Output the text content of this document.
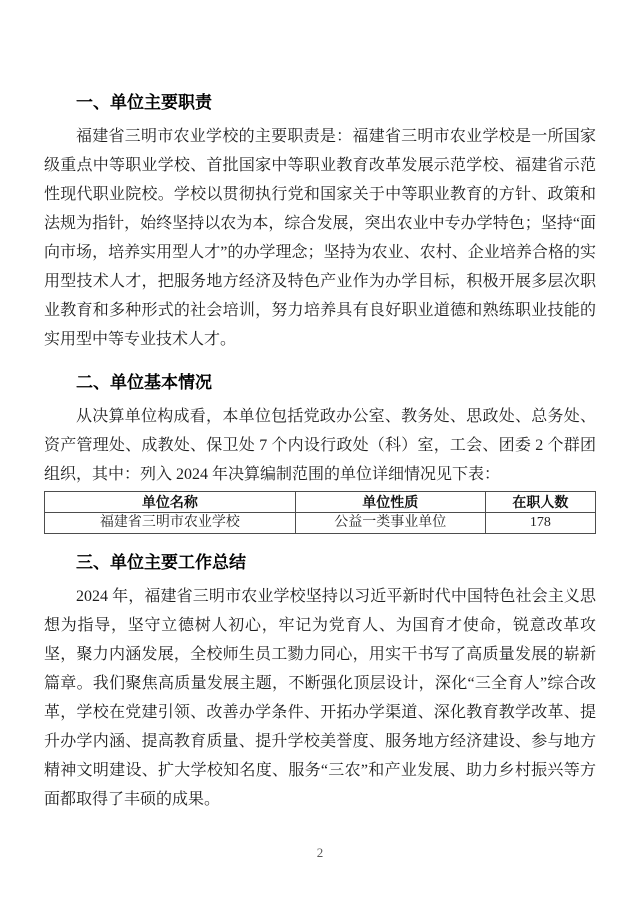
一、单位主要职责

福建省三明市农业学校的主要职责是：福建省三明市农业学校是一所国家级重点中等职业学校、首批国家中等职业教育改革发展示范学校、福建省示范性现代职业院校。学校以贯彻执行党和国家关于中等职业教育的方针、政策和法规为指针，始终坚持以农为本，综合发展，突出农业中专办学特色；坚持“面向市场，培养实用型人才”的办学理念；坚持为农业、农村、企业培养合格的实用型技术人才，把服务地方经济及特色产业作为办学目标，积极开展多层次职业教育和多种形式的社会培训，努力培养具有良好职业道德和熟练职业技能的实用型中等专业技术人才。

二、单位基本情况

从决算单位构成看，本单位包括党政办公室、教务处、思政处、总务处、资产管理处、成教处、保卫处 7 个内设行政处（科）室，工会、团委 2 个群团组织，其中：列入 2024 年决算编制范围的单位详细情况见下表：

单位名称	单位性质	在职人数
福建省三明市农业学校	公益一类事业单位	178
三、单位主要工作总结

2024 年，福建省三明市农业学校坚持以习近平新时代中国特色社会主义思想为指导，坚守立德树人初心，牢记为党育人、为国育才使命，锐意改革攻坚，聚力内涵发展，全校师生员工勠力同心，用实干书写了高质量发展的崭新篇章。我们聚焦高质量发展主题，不断强化顶层设计，深化“三全育人”综合改革，学校在党建引领、改善办学条件、开拓办学渠道、深化教育教学改革、提升办学内涵、提高教育质量、提升学校美誉度、服务地方经济建设、参与地方精神文明建设、扩大学校知名度、服务“三农”和产业发展、助力乡村振兴等方面都取得了丰硕的成果。

2
